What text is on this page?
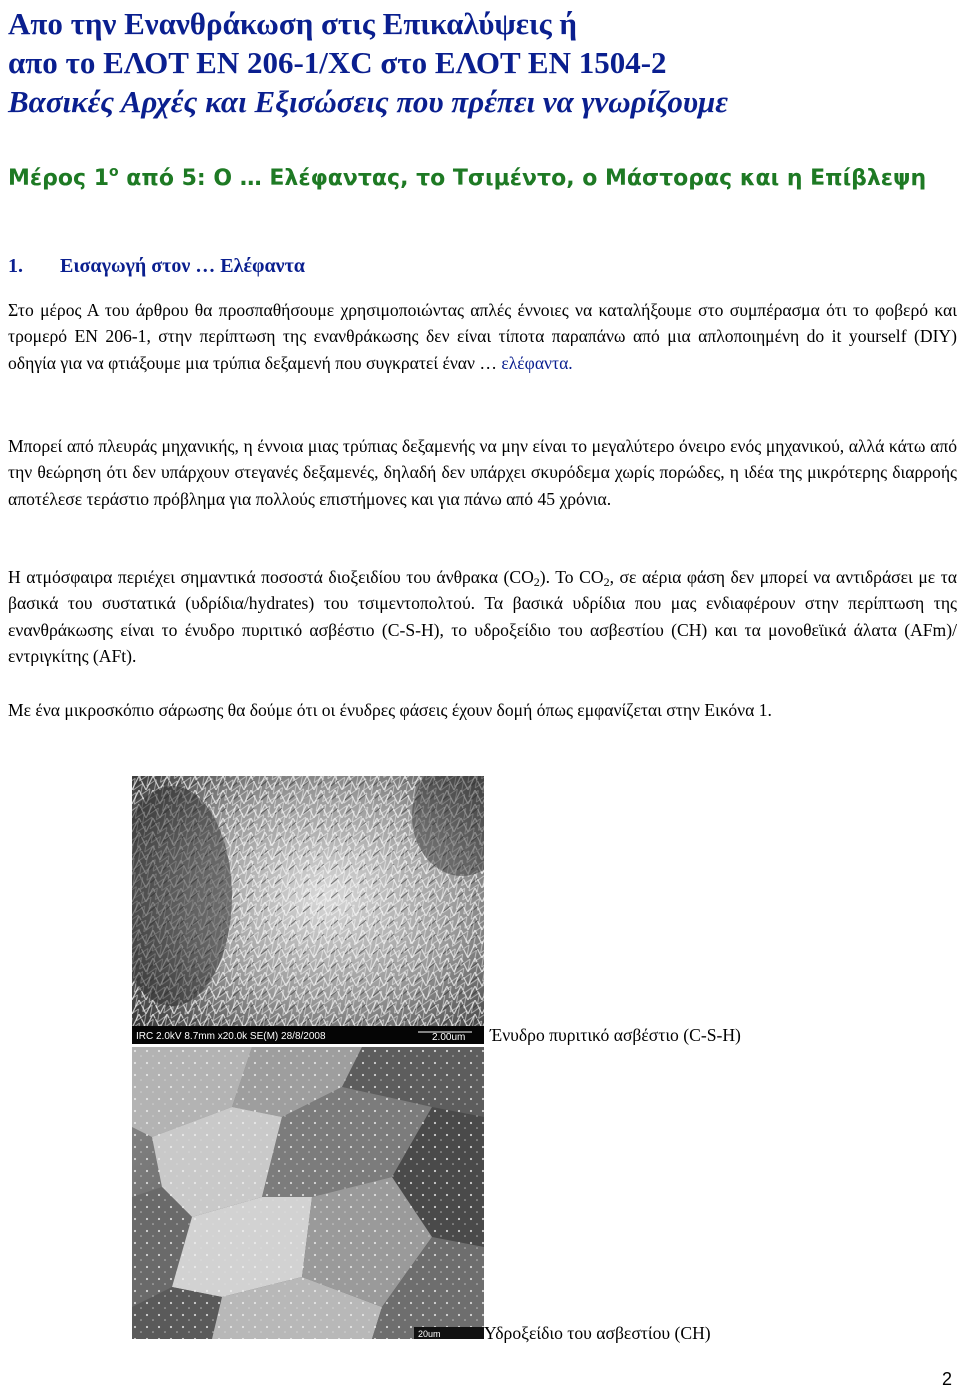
Απο την Ενανθράκωση στις Επικαλύψεις ή
απο το ΕΛΟΤ ΕΝ 206-1/XC στο ΕΛΟΤ ΕΝ 1504-2
Βασικές Αρχές και Εξισώσεις που πρέπει να γνωρίζουμε
Μέρος $1^o$ από 5: Ο … Ελέφαντας, το Τσιμέντο, ο Μάστορας και η Επίβλεψη
1. Εισαγωγή στον … Ελέφαντα
Στο μέρος Α του άρθρου θα προσπαθήσουμε χρησιμοποιώντας απλές έννοιες να καταλήξουμε στο συμπέρασμα ότι το φοβερό και τρομερό ΕΝ 206-1, στην περίπτωση της ενανθράκωσης δεν είναι τίποτα παραπάνω από μια απλοποιημένη do it yourself (DIY) οδηγία για να φτιάξουμε μια τρύπια δεξαμενή που συγκρατεί έναν … ελέφαντα.
Μπορεί από πλευράς μηχανικής, η έννοια μιας τρύπιας δεξαμενής να μην είναι το μεγαλύτερο όνειρο ενός μηχανικού, αλλά κάτω από την θεώρηση ότι δεν υπάρχουν στεγανές δεξαμενές, δηλαδή δεν υπάρχει σκυρόδεμα χωρίς πορώδες, η ιδέα της μικρότερης διαρροής αποτέλεσε τεράστιο πρόβλημα για πολλούς επιστήμονες και για πάνω από 45 χρόνια.
Η ατμόσφαιρα περιέχει σημαντικά ποσοστά διοξειδίου του άνθρακα $(CO_2)$. Το $CO_2$, σε αέρια φάση δεν μπορεί να αντιδράσει με τα βασικά του συστατικά (υδρίδια/hydrates) του τσιμεντοπολτού. Τα βασικά υδρίδια που μας ενδιαφέρουν στην περίπτωση της ενανθράκωσης είναι το ένυδρο πυριτικό ασβέστιο (C-S-H), το υδροξείδιο του ασβεστίου (CH) και τα μονοθεϊικά άλατα (AFm)/ εντριγκίτης (AFt).
Με ένα μικροσκόπιο σάρωσης θα δούμε ότι οι ένυδρες φάσεις έχουν δομή όπως εμφανίζεται στην Εικόνα 1.
IRC 2.0kV 8.7mm x20.0k SE(M) 28/8/2008	2.00um Ένυδρο πυριτικό ασβέστιο (C-S-H)
20um Υδροξείδιο του ασβεστίου (CH)
2
